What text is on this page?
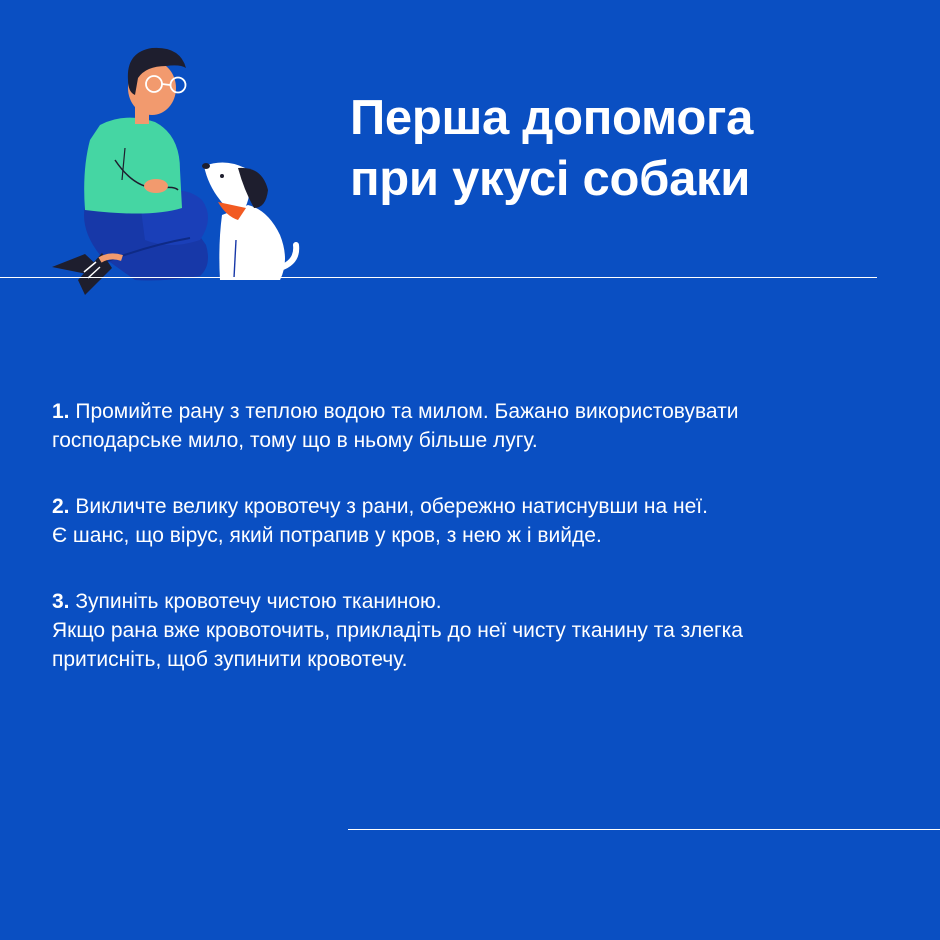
Перша допомога
при укусі собаки
1. Промийте рану з теплою водою та милом. Бажано використовувати
господарське мило, тому що в ньому більше лугу.
2. Викличте велику кровотечу з рани, обережно натиснувши на неї.
Є шанс, що вірус, який потрапив у кров, з нею ж і вийде.
3. Зупиніть кровотечу чистою тканиною.
Якщо рана вже кровоточить, прикладіть до неї чисту тканину та злегка
притисніть, щоб зупинити кровотечу.
